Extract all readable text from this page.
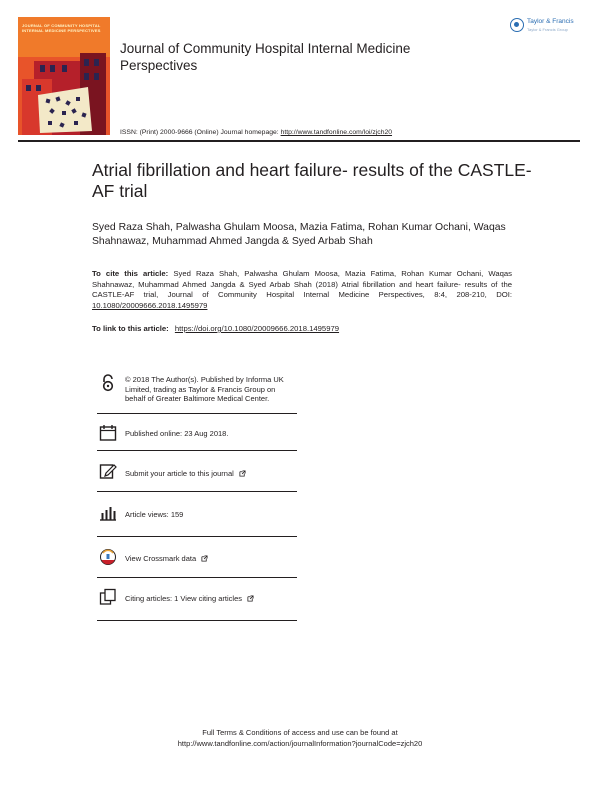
JOURNAL OF COMMUNITY HOSPITAL INTERNAL MEDICINE PERSPECTIVES
Journal of Community Hospital Internal Medicine Perspectives
Taylor & Francis
Taylor & Francis Group
ISSN: (Print) 2000-9666 (Online) Journal homepage: http://www.tandfonline.com/loi/zjch20
Atrial fibrillation and heart failure- results of the CASTLE-AF trial
Syed Raza Shah, Palwasha Ghulam Moosa, Mazia Fatima, Rohan Kumar Ochani, Waqas Shahnawaz, Muhammad Ahmed Jangda & Syed Arbab Shah
To cite this article: Syed Raza Shah, Palwasha Ghulam Moosa, Mazia Fatima, Rohan Kumar Ochani, Waqas Shahnawaz, Muhammad Ahmed Jangda & Syed Arbab Shah (2018) Atrial fibrillation and heart failure- results of the CASTLE-AF trial, Journal of Community Hospital Internal Medicine Perspectives, 8:4, 208-210, DOI: 10.1080/20009666.2018.1495979
To link to this article: https://doi.org/10.1080/20009666.2018.1495979
© 2018 The Author(s). Published by Informa UK Limited, trading as Taylor & Francis Group on behalf of Greater Baltimore Medical Center.
Published online: 23 Aug 2018.
Submit your article to this journal
Article views: 159
View Crossmark data
Citing articles: 1 View citing articles
Full Terms & Conditions of access and use can be found at
http://www.tandfonline.com/action/journalInformation?journalCode=zjch20
